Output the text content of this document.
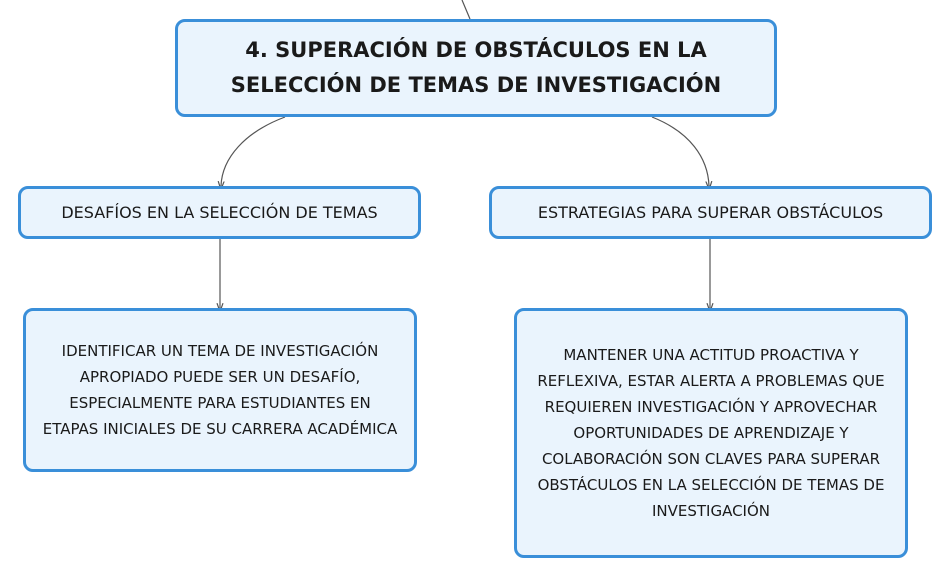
4. SUPERACIÓN DE OBSTÁCULOS EN LA SELECCIÓN DE TEMAS DE INVESTIGACIÓN
DESAFÍOS EN LA SELECCIÓN DE TEMAS	ESTRATEGIAS PARA SUPERAR OBSTÁCULOS
IDENTIFICAR UN TEMA DE INVESTIGACIÓN APROPIADO PUEDE SER UN DESAFÍO, ESPECIALMENTE PARA ESTUDIANTES EN ETAPAS INICIALES DE SU CARRERA ACADÉMICA
MANTENER UNA ACTITUD PROACTIVA Y REFLEXIVA, ESTAR ALERTA A PROBLEMAS QUE REQUIEREN INVESTIGACIÓN Y APROVECHAR OPORTUNIDADES DE APRENDIZAJE Y COLABORACIÓN SON CLAVES PARA SUPERAR OBSTÁCULOS EN LA SELECCIÓN DE TEMAS DE INVESTIGACIÓN
